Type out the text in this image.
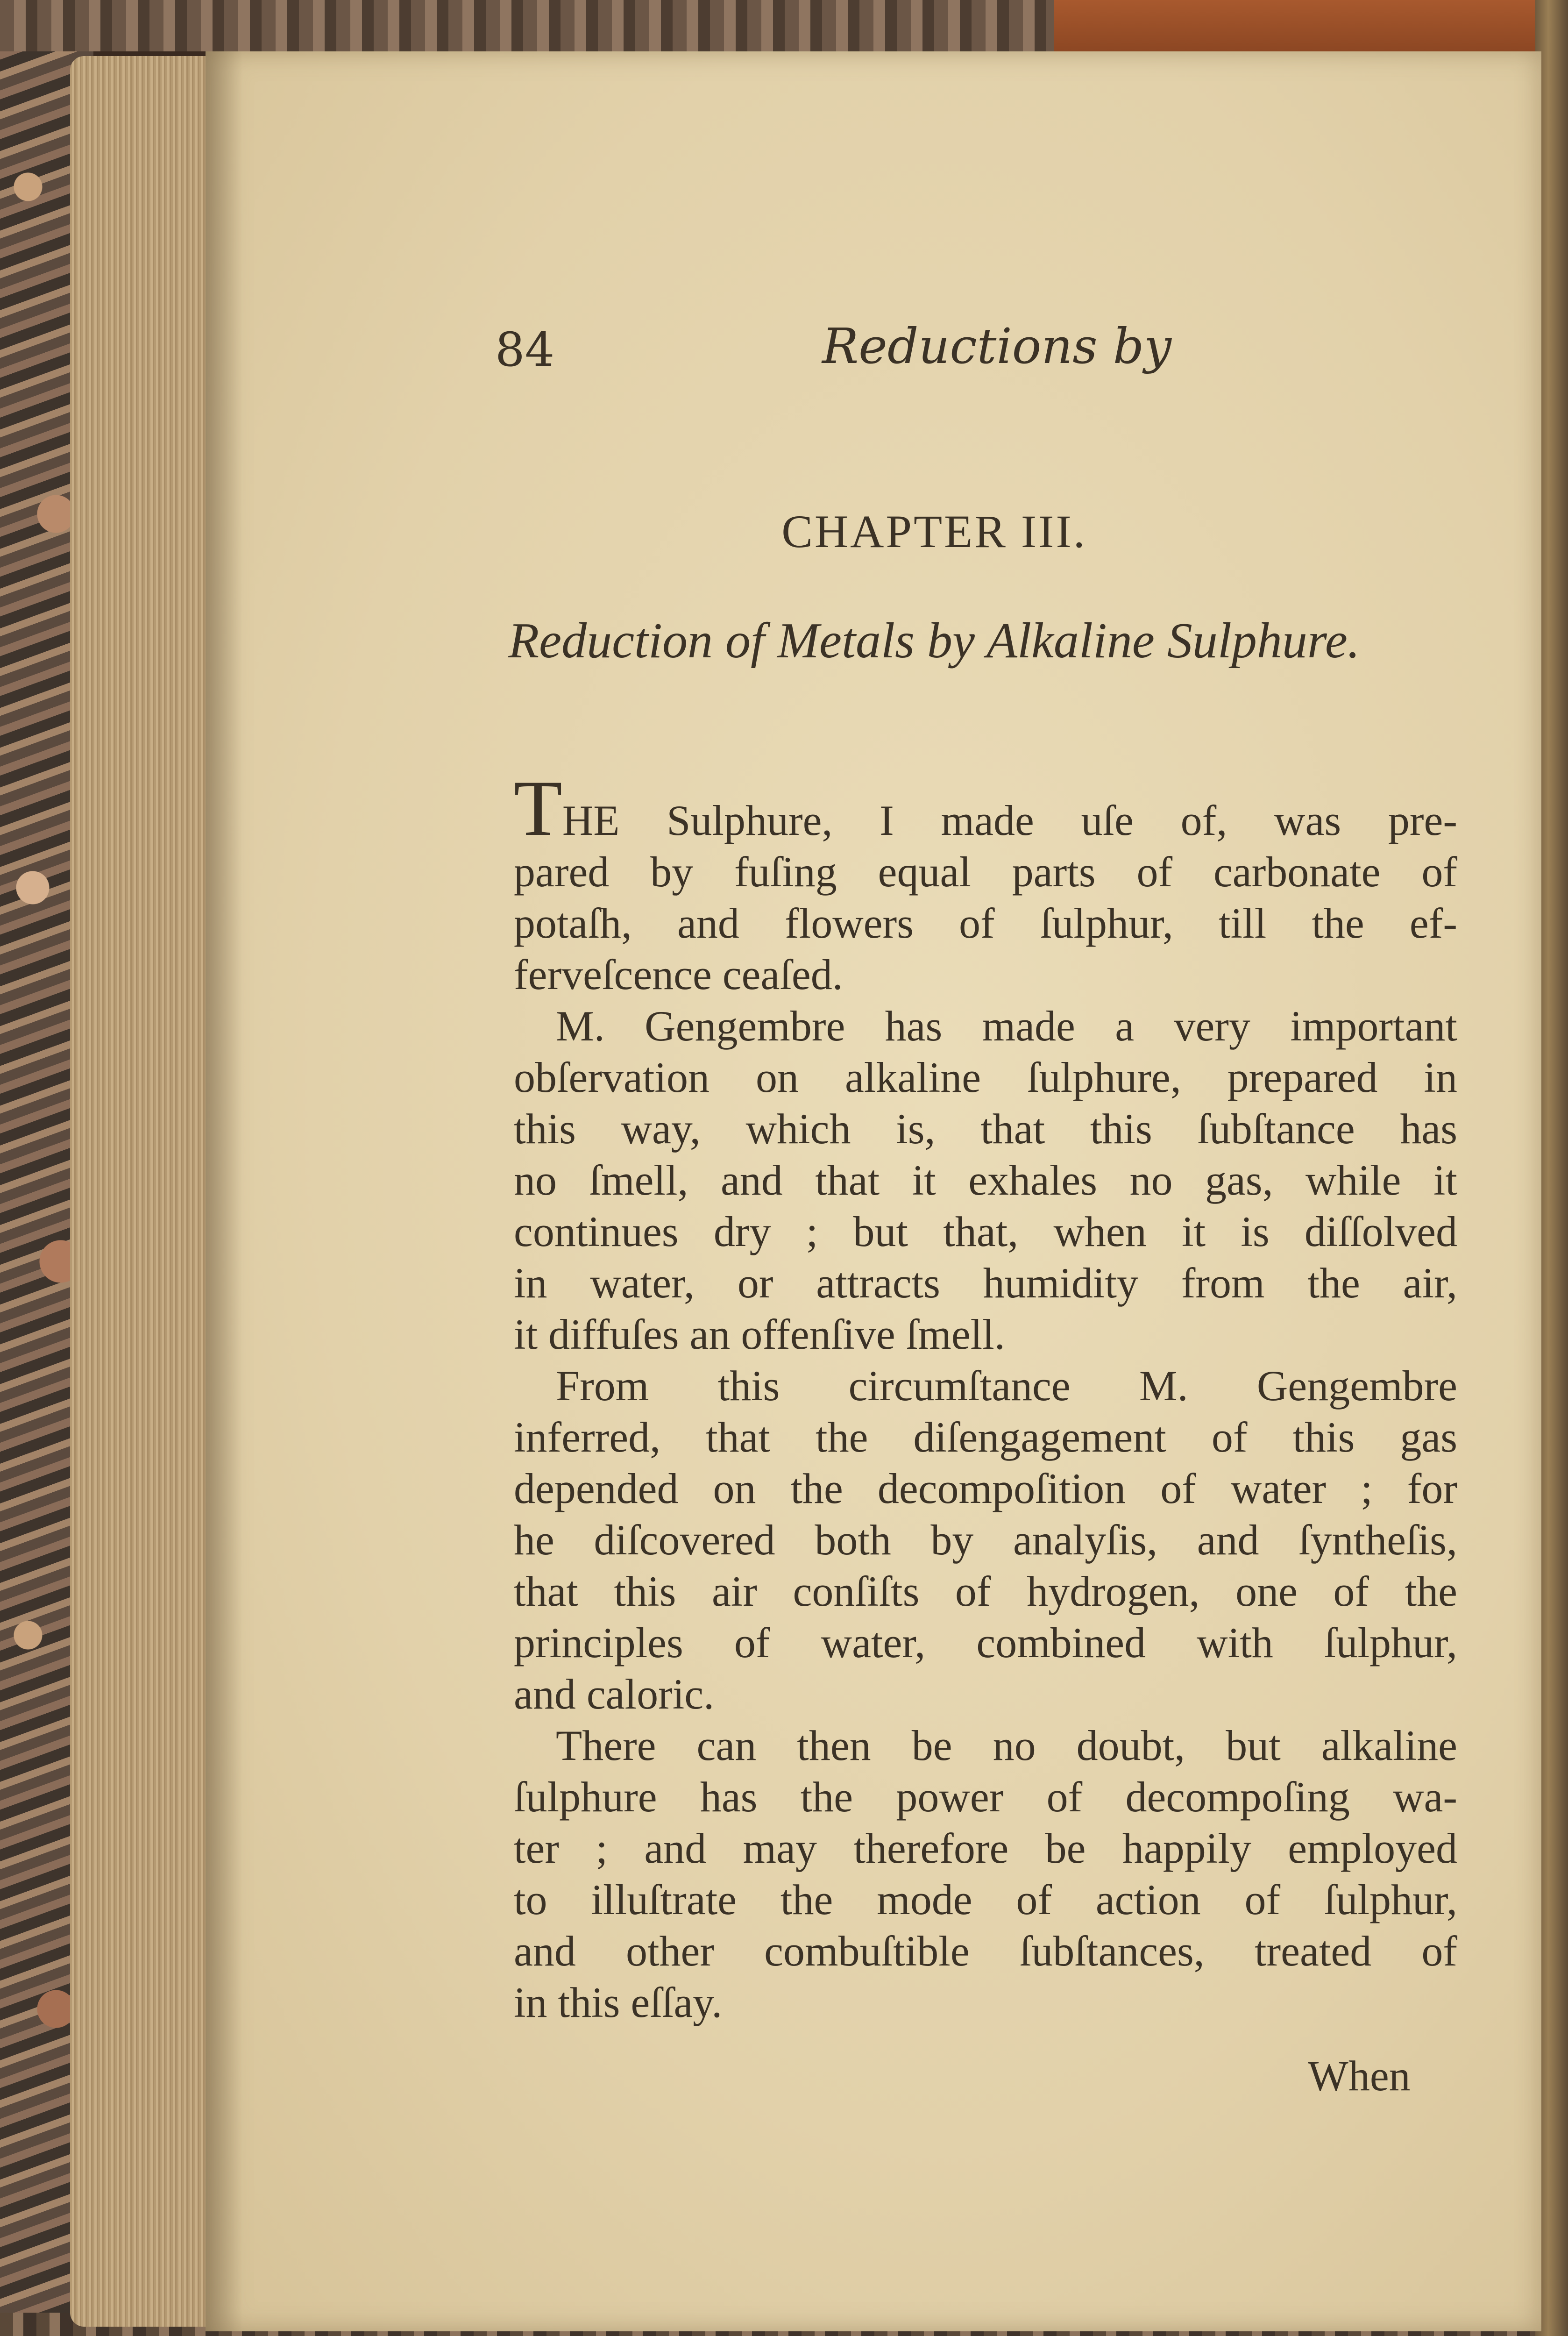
84	Reductions by
CHAPTER III.
Reduction of Metals by Alkaline Sulphure.
THE Sulphure, I made uſe of, was pre-
pared by fuſing equal parts of carbonate of
potaſh, and flowers of ſulphur, till the ef-
ferveſcence ceaſed.
M. Gengembre has made a very important
obſervation on alkaline ſulphure, prepared in
this way, which is, that this ſubſtance has
no ſmell, and that it exhales no gas, while it
continues dry ; but that, when it is diſſolved
in water, or attracts humidity from the air,
it diffuſes an offenſive ſmell.
From this circumſtance M. Gengembre
inferred, that the diſengagement of this gas
depended on the decompoſition of water ; for
he diſcovered both by analyſis, and ſyntheſis,
that this air conſiſts of hydrogen, one of the
principles of water, combined with ſulphur,
and caloric.
There can then be no doubt, but alkaline
ſulphure has the power of decompoſing wa-
ter ; and may therefore be happily employed
to illuſtrate the mode of action of ſulphur,
and other combuſtible ſubſtances, treated of
in this eſſay.
When
